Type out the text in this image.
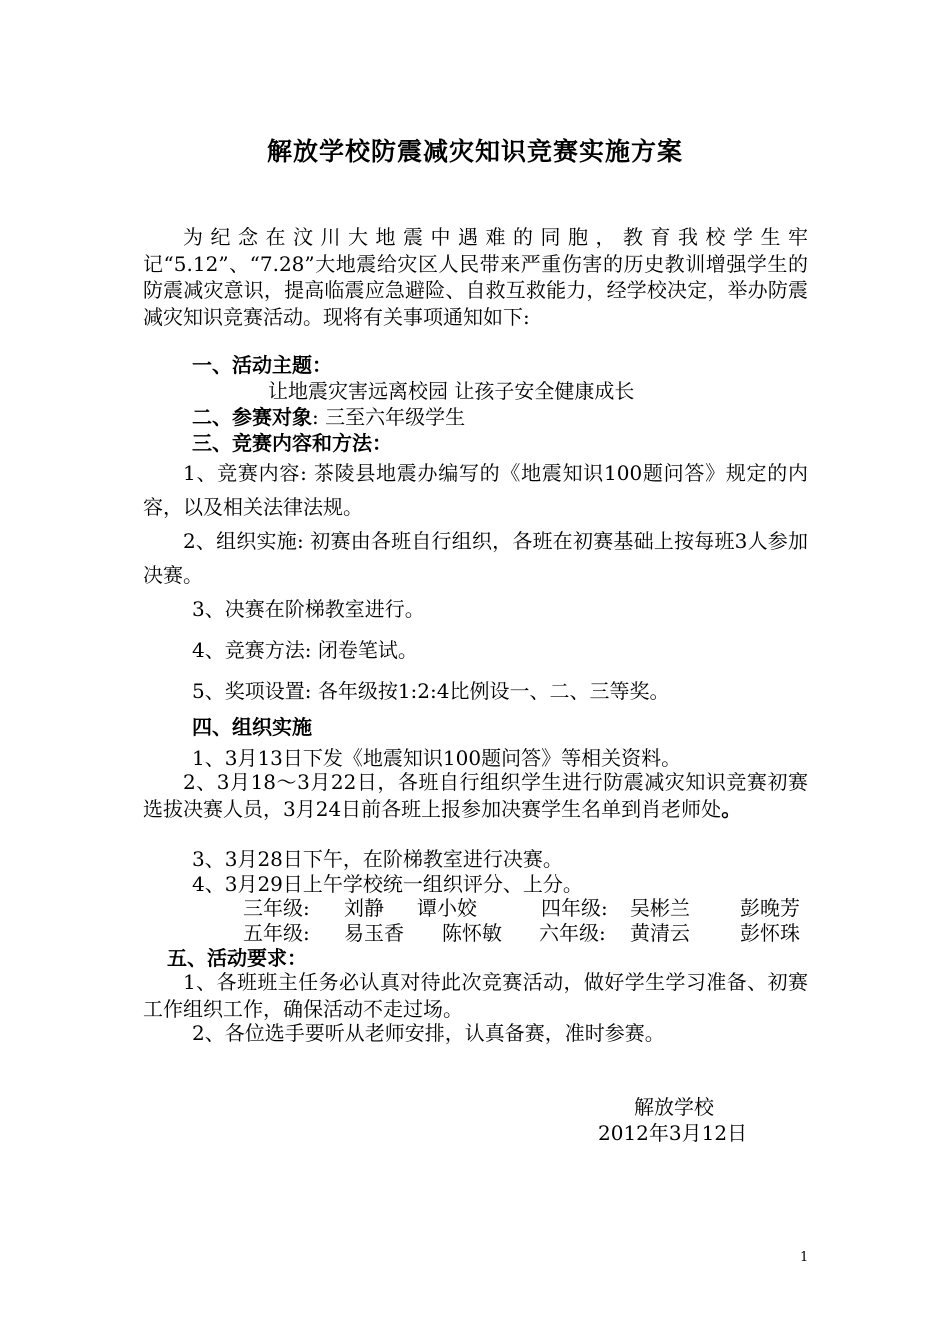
解放学校防震减灾知识竞赛实施方案
为纪念在汶川大地震中遇难的同胞，教育我校学生牢记“5.12”、“7.28”大地震给灾区人民带来严重伤害的历史教训增强学生的防震减灾意识，提高临震应急避险、自救互救能力，经学校决定，举办防震减灾知识竞赛活动。现将有关事项通知如下:
一、活动主题：
让地震灾害远离校园 让孩子安全健康成长
二、参赛对象: 三至六年级学生
三、竞赛内容和方法：
1、竞赛内容: 茶陵县地震办编写的《地震知识100题问答》规定的内容，以及相关法律法规。
2、组织实施: 初赛由各班自行组织，各班在初赛基础上按每班3人参加决赛。
3、决赛在阶梯教室进行。
4、竞赛方法: 闭卷笔试。
5、奖项设置: 各年级按1:2:4比例设一、二、三等奖。
四、组织实施
1、3月13日下发《地震知识100题问答》等相关资料。
2、3月18～3月22日，各班自行组织学生进行防震减灾知识竞赛初赛选拔决赛人员，3月24日前各班上报参加决赛学生名单到肖老师处。
3、3月28日下午，在阶梯教室进行决赛。
4、3月29日上午学校统一组织评分、上分。
三年级: 刘静 谭小姣	四年级: 吴彬兰	彭晚芳
五年级: 易玉香 陈怀敏 六年级: 黄清云	彭怀珠
五、活动要求：
1、各班班主任务必认真对待此次竞赛活动，做好学生学习准备、初赛工作组织工作，确保活动不走过场。
2、各位选手要听从老师安排，认真备赛，准时参赛。
解放学校
2012年3月12日
1
